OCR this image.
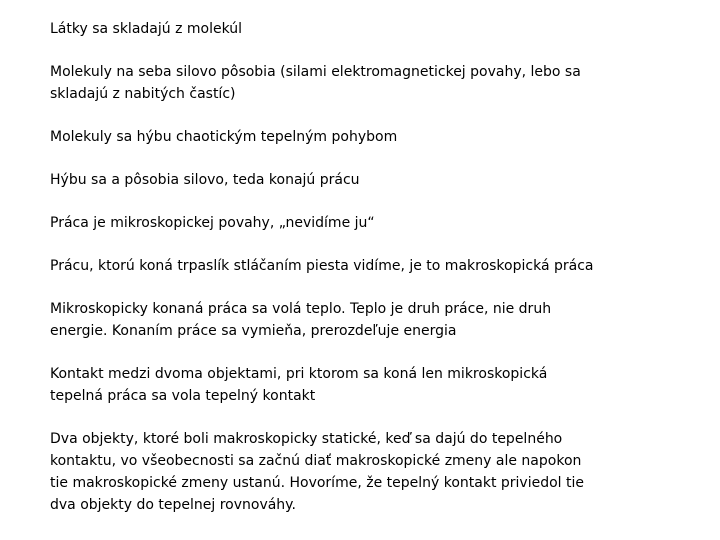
Látky sa skladajú z molekúl

Molekuly na seba silovo pôsobia (silami elektromagnetickej povahy, lebo sa
skladajú z nabitých častíc)

Molekuly sa hýbu chaotickým tepelným pohybom

Hýbu sa a pôsobia silovo, teda konajú prácu

Práca je mikroskopickej povahy, „nevidíme ju“

Prácu, ktorú koná trpaslík stláčaním piesta vidíme, je to makroskopická práca

Mikroskopicky konaná práca sa volá teplo. Teplo je druh práce, nie druh
energie. Konaním práce sa vymieňa, prerozdeľuje energia

Kontakt medzi dvoma objektami, pri ktorom sa koná len mikroskopická
tepelná práca sa vola tepelný kontakt

Dva objekty, ktoré boli makroskopicky statické, keď sa dajú do tepelného
kontaktu, vo všeobecnosti sa začnú diať makroskopické zmeny ale napokon
tie makroskopické zmeny ustanú. Hovoríme, že tepelný kontakt priviedol tie
dva objekty do tepelnej rovnováhy.
